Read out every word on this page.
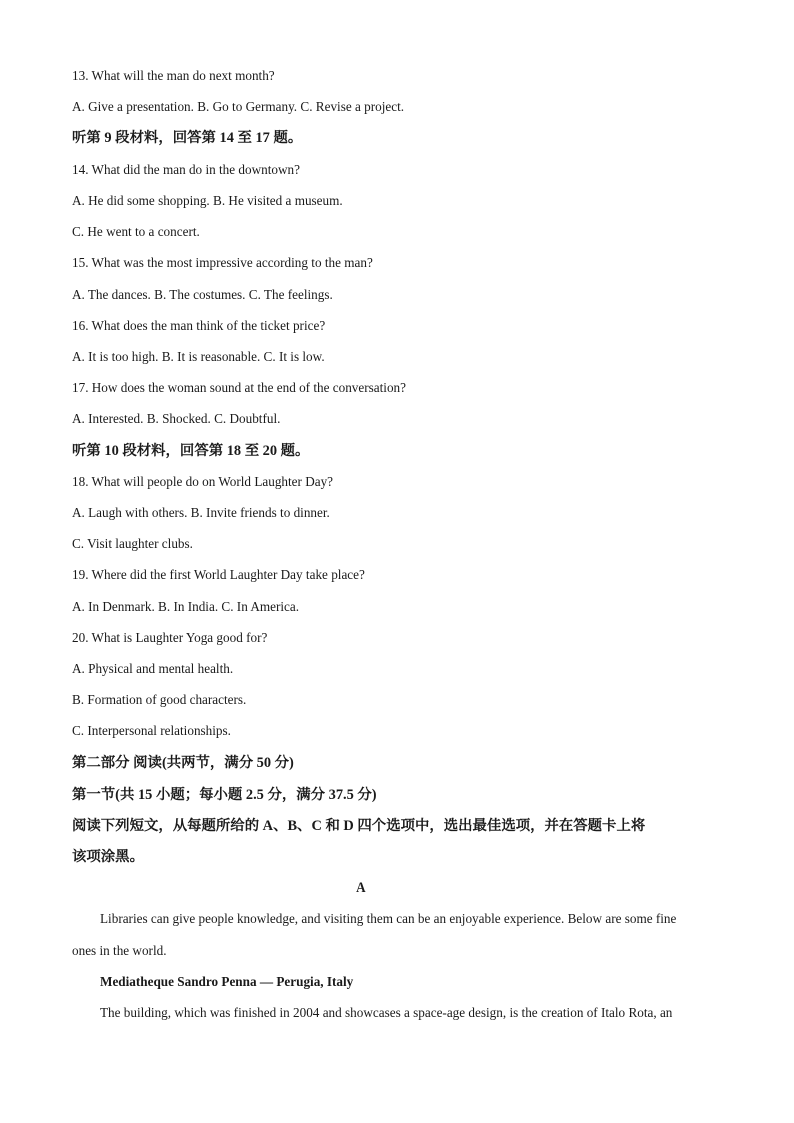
13. What will the man do next month?
A. Give a presentation. B. Go to Germany. C. Revise a project.
听第 9 段材料，回答第 14 至 17 题。
14. What did the man do in the downtown?
A. He did some shopping. B. He visited a museum.
C. He went to a concert.
15. What was the most impressive according to the man?
A. The dances. B. The costumes. C. The feelings.
16. What does the man think of the ticket price?
A. It is too high. B. It is reasonable. C. It is low.
17. How does the woman sound at the end of the conversation?
A. Interested. B. Shocked. C. Doubtful.
听第 10 段材料，回答第 18 至 20 题。
18. What will people do on World Laughter Day?
A. Laugh with others. B. Invite friends to dinner.
C. Visit laughter clubs.
19. Where did the first World Laughter Day take place?
A. In Denmark. B. In India. C. In America.
20. What is Laughter Yoga good for?
A. Physical and mental health.
B. Formation of good characters.
C. Interpersonal relationships.
第二部分 阅读(共两节，满分 50 分)
第一节(共 15 小题；每小题 2.5 分，满分 37.5 分)
阅读下列短文，从每题所给的 A、B、C 和 D 四个选项中，选出最佳选项，并在答题卡上将
该项涂黑。
A
Libraries can give people knowledge, and visiting them can be an enjoyable experience. Below are some fine
ones in the world.
Mediatheque Sandro Penna — Perugia, Italy
The building, which was finished in 2004 and showcases a space-age design, is the creation of Italo Rota, an
